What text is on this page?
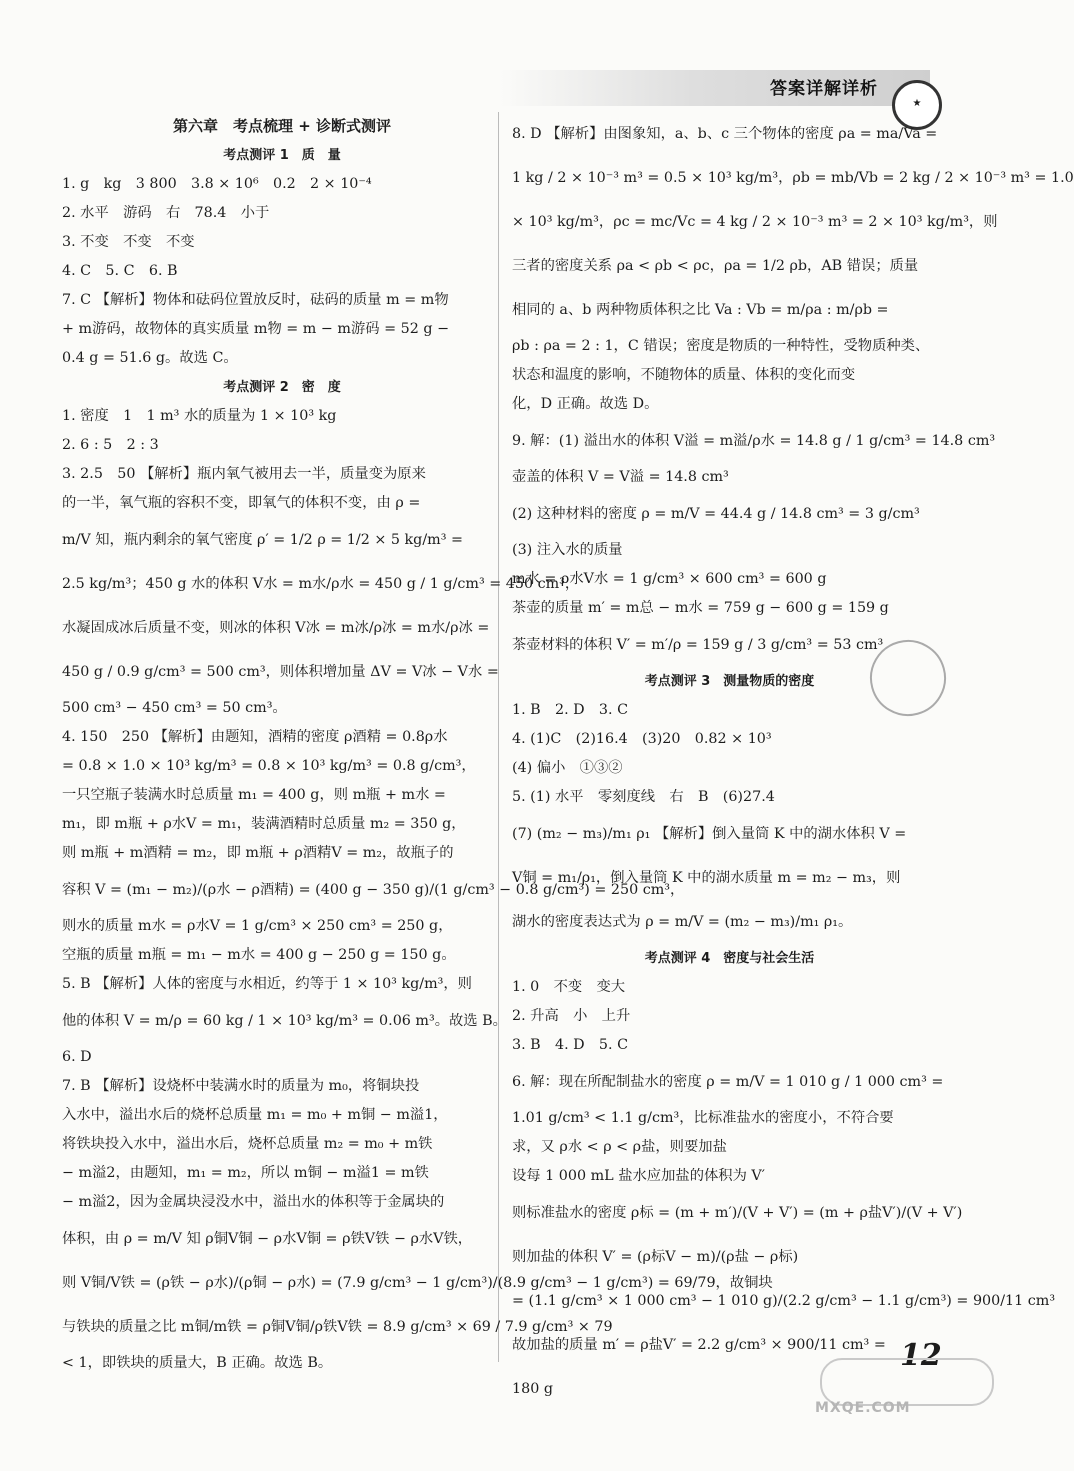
答案详解详析
★
第六章　考点梳理 + 诊断式测评
考点测评 1　质　量
1. g　kg　3 800　3.8 × 10⁶　0.2　2 × 10⁻⁴
2. 水平　游码　右　78.4　小于
3. 不变　不变　不变
4. C　5. C　6. B
7. C 【解析】物体和砝码位置放反时，砝码的质量 m = m物
+ m游码，故物体的真实质量 m物 = m − m游码 = 52 g −
0.4 g = 51.6 g。故选 C。
考点测评 2　密　度
1. 密度　1　1 m³ 水的质量为 1 × 10³ kg
2. 6 : 5　2 : 3
3. 2.5　50 【解析】瓶内氧气被用去一半，质量变为原来
的一半，氧气瓶的容积不变，即氧气的体积不变，由 ρ =
m/V 知，瓶内剩余的氧气密度 ρ′ = 1/2 ρ = 1/2 × 5 kg/m³ =
2.5 kg/m³；450 g 水的体积 V水 = m水/ρ水 = 450 g / 1 g/cm³ = 450 cm³，
水凝固成冰后质量不变，则冰的体积 V冰 = m冰/ρ冰 = m水/ρ冰 =
450 g / 0.9 g/cm³ = 500 cm³，则体积增加量 ΔV = V冰 − V水 =
500 cm³ − 450 cm³ = 50 cm³。
4. 150　250 【解析】由题知，酒精的密度 ρ酒精 = 0.8ρ水
= 0.8 × 1.0 × 10³ kg/m³ = 0.8 × 10³ kg/m³ = 0.8 g/cm³，
一只空瓶子装满水时总质量 m₁ = 400 g，则 m瓶 + m水 =
m₁，即 m瓶 + ρ水V = m₁，装满酒精时总质量 m₂ = 350 g，
则 m瓶 + m酒精 = m₂，即 m瓶 + ρ酒精V = m₂，故瓶子的
容积 V = (m₁ − m₂)/(ρ水 − ρ酒精) = (400 g − 350 g)/(1 g/cm³ − 0.8 g/cm³) = 250 cm³，
则水的质量 m水 = ρ水V = 1 g/cm³ × 250 cm³ = 250 g，
空瓶的质量 m瓶 = m₁ − m水 = 400 g − 250 g = 150 g。
5. B 【解析】人体的密度与水相近，约等于 1 × 10³ kg/m³，则
他的体积 V = m/ρ = 60 kg / 1 × 10³ kg/m³ = 0.06 m³。故选 B。
6. D
7. B 【解析】设烧杯中装满水时的质量为 m₀，将铜块投
入水中，溢出水后的烧杯总质量 m₁ = m₀ + m铜 − m溢1，
将铁块投入水中，溢出水后，烧杯总质量 m₂ = m₀ + m铁
− m溢2，由题知，m₁ = m₂，所以 m铜 − m溢1 = m铁
− m溢2，因为金属块浸没水中，溢出水的体积等于金属块的
体积，由 ρ = m/V 知 ρ铜V铜 − ρ水V铜 = ρ铁V铁 − ρ水V铁，
则 V铜/V铁 = (ρ铁 − ρ水)/(ρ铜 − ρ水) = (7.9 g/cm³ − 1 g/cm³)/(8.9 g/cm³ − 1 g/cm³) = 69/79，故铜块
与铁块的质量之比 m铜/m铁 = ρ铜V铜/ρ铁V铁 = 8.9 g/cm³ × 69 / 7.9 g/cm³ × 79
< 1，即铁块的质量大，B 正确。故选 B。
8. D 【解析】由图象知，a、b、c 三个物体的密度 ρa = ma/Va =
1 kg / 2 × 10⁻³ m³ = 0.5 × 10³ kg/m³，ρb = mb/Vb = 2 kg / 2 × 10⁻³ m³ = 1.0
× 10³ kg/m³，ρc = mc/Vc = 4 kg / 2 × 10⁻³ m³ = 2 × 10³ kg/m³，则
三者的密度关系 ρa < ρb < ρc，ρa = 1/2 ρb，AB 错误；质量
相同的 a、b 两种物质体积之比 Va : Vb = m/ρa : m/ρb =
ρb : ρa = 2 : 1，C 错误；密度是物质的一种特性，受物质种类、
状态和温度的影响，不随物体的质量、体积的变化而变
化，D 正确。故选 D。
9. 解：(1) 溢出水的体积 V溢 = m溢/ρ水 = 14.8 g / 1 g/cm³ = 14.8 cm³
壶盖的体积 V = V溢 = 14.8 cm³
(2) 这种材料的密度 ρ = m/V = 44.4 g / 14.8 cm³ = 3 g/cm³
(3) 注入水的质量
m水 = ρ水V水 = 1 g/cm³ × 600 cm³ = 600 g
茶壶的质量 m′ = m总 − m水 = 759 g − 600 g = 159 g
茶壶材料的体积 V′ = m′/ρ = 159 g / 3 g/cm³ = 53 cm³
考点测评 3　测量物质的密度
1. B　2. D　3. C
4. (1)C　(2)16.4　(3)20　0.82 × 10³
(4) 偏小　①③②
5. (1) 水平　零刻度线　右　B　(6)27.4
(7) (m₂ − m₃)/m₁ ρ₁ 【解析】倒入量筒 K 中的湖水体积 V =
V铜 = m₁/ρ₁，倒入量筒 K 中的湖水质量 m = m₂ − m₃，则
湖水的密度表达式为 ρ = m/V = (m₂ − m₃)/m₁ ρ₁。
考点测评 4　密度与社会生活
1. 0　不变　变大
2. 升高　小　上升
3. B　4. D　5. C
6. 解：现在所配制盐水的密度 ρ = m/V = 1 010 g / 1 000 cm³ =
1.01 g/cm³ < 1.1 g/cm³，比标准盐水的密度小，不符合要
求，又 ρ水 < ρ < ρ盐，则要加盐
设每 1 000 mL 盐水应加盐的体积为 V′
则标准盐水的密度 ρ标 = (m + m′)/(V + V′) = (m + ρ盐V′)/(V + V′)
则加盐的体积 V′ = (ρ标V − m)/(ρ盐 − ρ标)
= (1.1 g/cm³ × 1 000 cm³ − 1 010 g)/(2.2 g/cm³ − 1.1 g/cm³) = 900/11 cm³
故加盐的质量 m′ = ρ盐V′ = 2.2 g/cm³ × 900/11 cm³ =
180 g
12
MXQE.COM
